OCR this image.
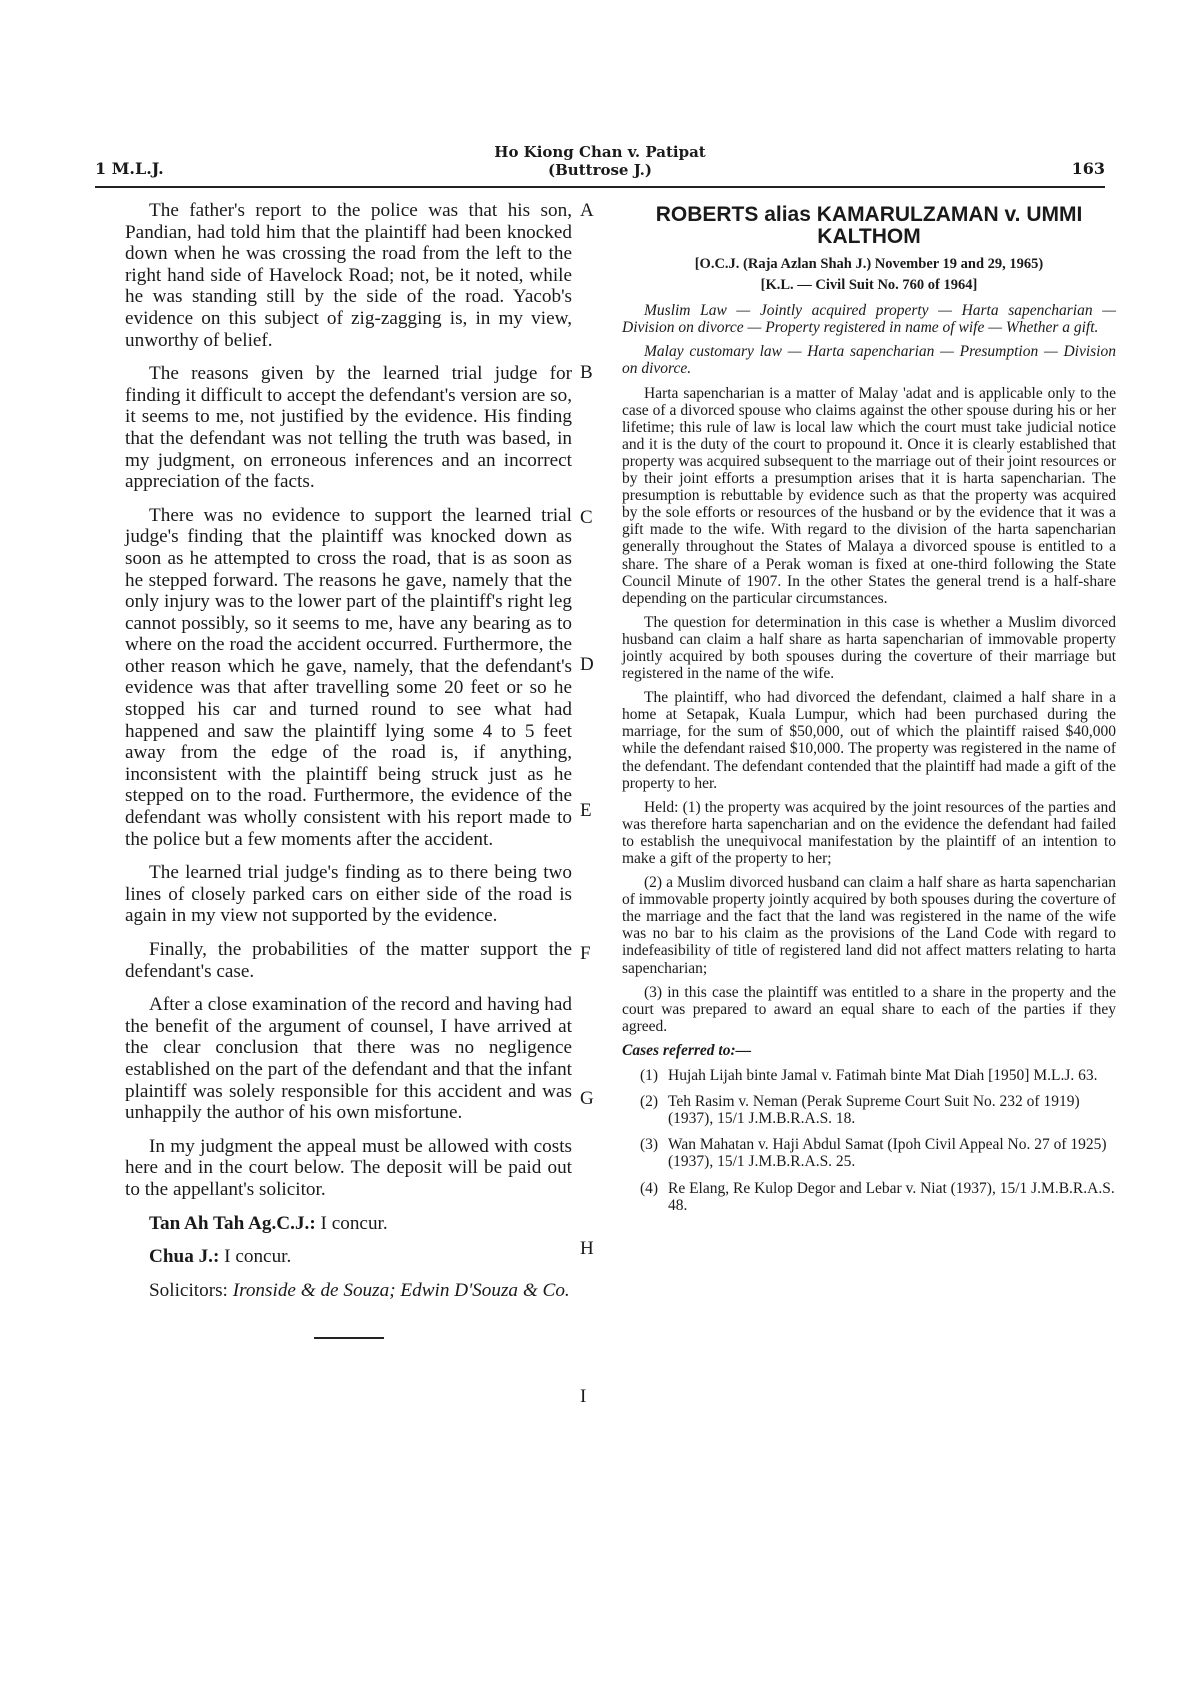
1 M.L.J.
Ho Kiong Chan v. Patipat
(Buttrose J.)	163

The father's report to the police was that his son, Pandian, had told him that the plaintiff had been knocked down when he was crossing the road from the left to the right hand side of Havelock Road; not, be it noted, while he was standing still by the side of the road. Yacob's evidence on this subject of zig-zagging is, in my view, unworthy of belief.

The reasons given by the learned trial judge for finding it difficult to accept the defendant's version are so, it seems to me, not justified by the evidence. His finding that the defendant was not telling the truth was based, in my judgment, on erroneous inferences and an incorrect appreciation of the facts.

There was no evidence to support the learned trial judge's finding that the plaintiff was knocked down as soon as he attempted to cross the road, that is as soon as he stepped forward. The reasons he gave, namely that the only injury was to the lower part of the plaintiff's right leg cannot possibly, so it seems to me, have any bearing as to where on the road the accident occurred. Furthermore, the other reason which he gave, namely, that the defendant's evidence was that after travelling some 20 feet or so he stopped his car and turned round to see what had happened and saw the plaintiff lying some 4 to 5 feet away from the edge of the road is, if anything, inconsistent with the plaintiff being struck just as he stepped on to the road. Furthermore, the evidence of the defendant was wholly consistent with his report made to the police but a few moments after the accident.

The learned trial judge's finding as to there being two lines of closely parked cars on either side of the road is again in my view not supported by the evidence.

Finally, the probabilities of the matter support the defendant's case.

After a close examination of the record and having had the benefit of the argument of counsel, I have arrived at the clear conclusion that there was no negligence established on the part of the defendant and that the infant plaintiff was solely responsible for this accident and was unhappily the author of his own misfortune.

In my judgment the appeal must be allowed with costs here and in the court below. The deposit will be paid out to the appellant's solicitor.

Tan Ah Tah Ag.C.J.: I concur.

Chua J.: I concur.

Solicitors: Ironside & de Souza; Edwin D'Souza & Co.

A
B
C
D
E
F
G
H
I
ROBERTS alias KAMARULZAMAN v. UMMI KALTHOM
[O.C.J. (Raja Azlan Shah J.) November 19 and 29, 1965)
[K.L. — Civil Suit No. 760 of 1964]

Muslim Law — Jointly acquired property — Harta sapencharian — Division on divorce — Property registered in name of wife — Whether a gift.

Malay customary law — Harta sapencharian — Presumption — Division on divorce.

Harta sapencharian is a matter of Malay 'adat and is applicable only to the case of a divorced spouse who claims against the other spouse during his or her lifetime; this rule of law is local law which the court must take judicial notice and it is the duty of the court to propound it. Once it is clearly established that property was acquired subsequent to the marriage out of their joint resources or by their joint efforts a presumption arises that it is harta sapencharian. The presumption is rebuttable by evidence such as that the property was acquired by the sole efforts or resources of the husband or by the evidence that it was a gift made to the wife. With regard to the division of the harta sapencharian generally throughout the States of Malaya a divorced spouse is entitled to a share. The share of a Perak woman is fixed at one-third following the State Council Minute of 1907. In the other States the general trend is a half-share depending on the particular circumstances.

The question for determination in this case is whether a Muslim divorced husband can claim a half share as harta sapencharian of immovable property jointly acquired by both spouses during the coverture of their marriage but registered in the name of the wife.

The plaintiff, who had divorced the defendant, claimed a half share in a home at Setapak, Kuala Lumpur, which had been purchased during the marriage, for the sum of $50,000, out of which the plaintiff raised $40,000 while the defendant raised $10,000. The property was registered in the name of the defendant. The defendant contended that the plaintiff had made a gift of the property to her.

Held: (1) the property was acquired by the joint resources of the parties and was therefore harta sapencharian and on the evidence the defendant had failed to establish the unequivocal manifestation by the plaintiff of an intention to make a gift of the property to her;

(2) a Muslim divorced husband can claim a half share as harta sapencharian of immovable property jointly acquired by both spouses during the coverture of the marriage and the fact that the land was registered in the name of the wife was no bar to his claim as the provisions of the Land Code with regard to indefeasibility of title of registered land did not affect matters relating to harta sapencharian;

(3) in this case the plaintiff was entitled to a share in the property and the court was prepared to award an equal share to each of the parties if they agreed.

Cases referred to:—

(1) Hujah Lijah binte Jamal v. Fatimah binte Mat Diah [1950] M.L.J. 63.
(2) Teh Rasim v. Neman (Perak Supreme Court Suit No. 232 of 1919) (1937), 15/1 J.M.B.R.A.S. 18.
(3) Wan Mahatan v. Haji Abdul Samat (Ipoh Civil Appeal No. 27 of 1925) (1937), 15/1 J.M.B.R.A.S. 25.
(4) Re Elang, Re Kulop Degor and Lebar v. Niat (1937), 15/1 J.M.B.R.A.S. 48.
